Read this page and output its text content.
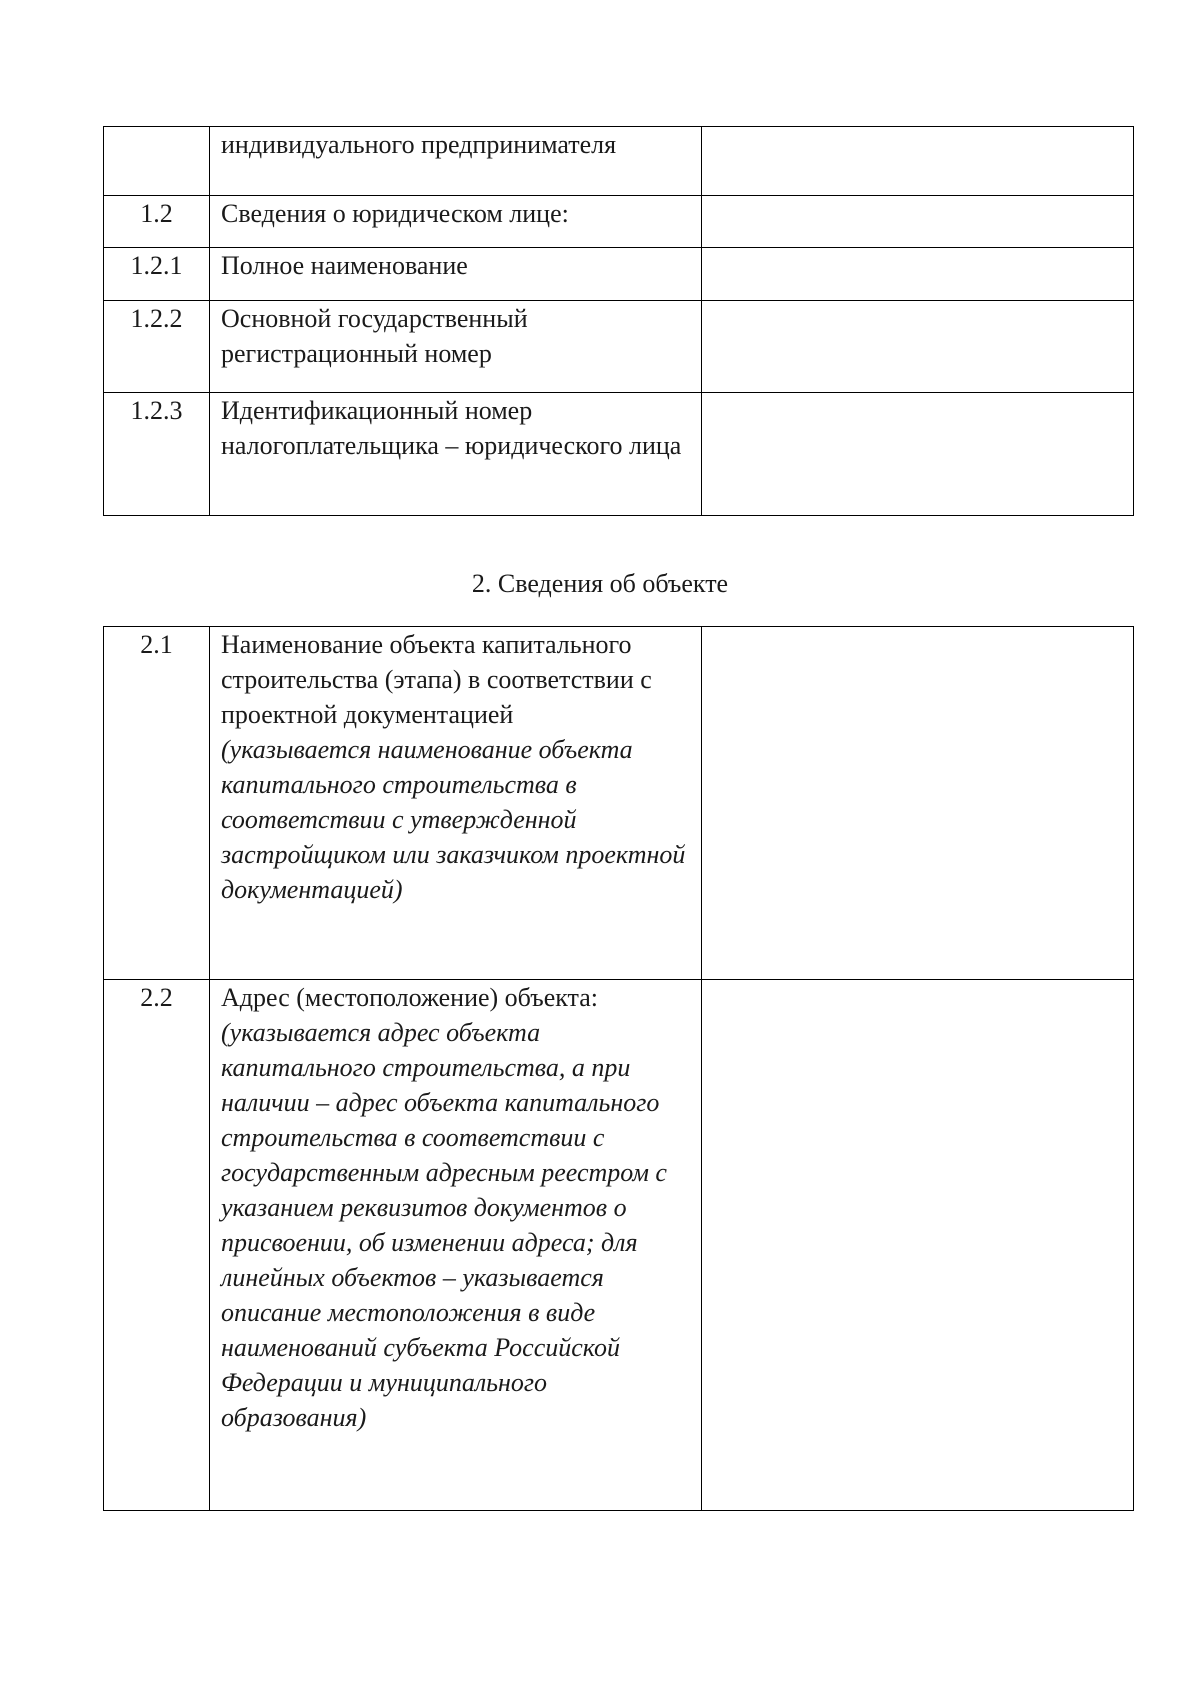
	индивидуального предпринимателя	

1.2	Сведения о юридическом лице:	

1.2.1	Полное наименование	

1.2.2	Основной государственный регистрационный номер	

1.2.3	Идентификационный номер налогоплательщика – юридического лица	

2. Сведения об объекте
2.1	Наименование объекта капитального строительства (этапа) в соответствии с проектной документацией
(указывается наименование объекта капитального строительства в соответствии с утвержденной застройщиком или заказчиком проектной документацией)	

2.2	Адрес (местоположение) объекта:
(указывается адрес объекта капитального строительства, а при наличии – адрес объекта капитального строительства в соответствии с государственным адресным реестром с указанием реквизитов документов о присвоении, об изменении адреса; для линейных объектов – указывается описание местоположения в виде наименований субъекта Российской Федерации и муниципального образования)	
